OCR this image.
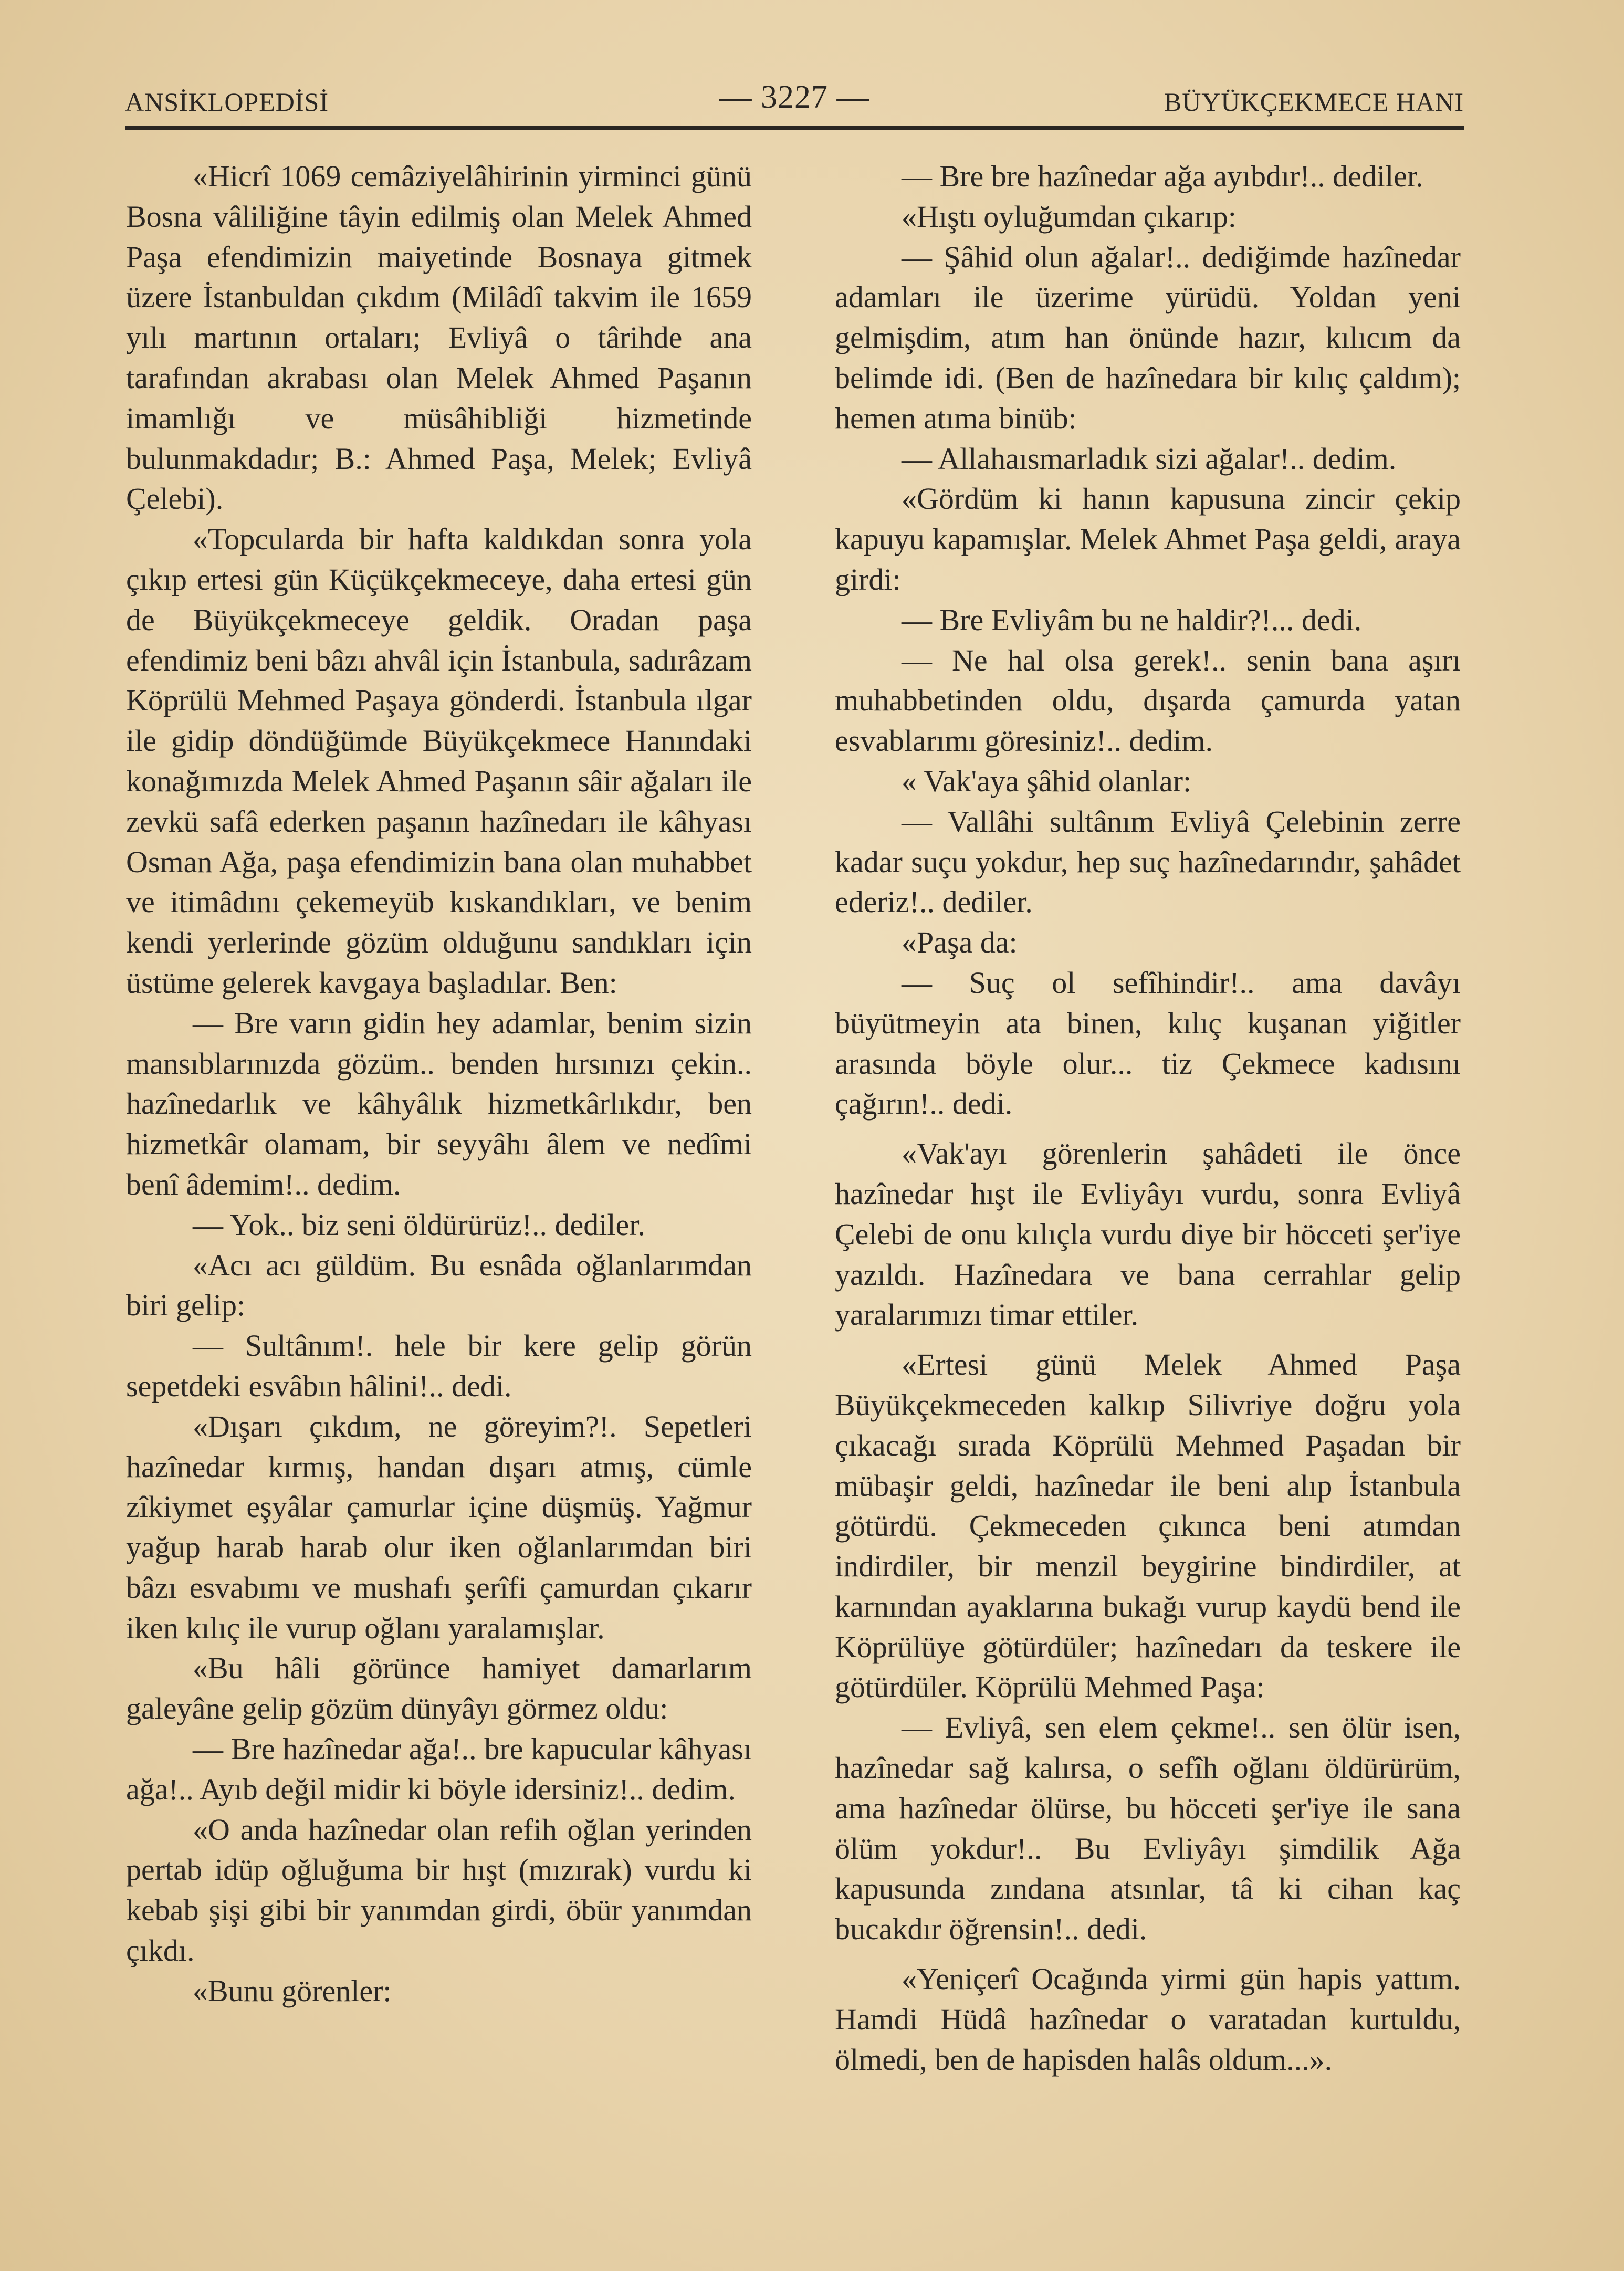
ANSİKLOPEDİSİ	— 3227 —	BÜYÜKÇEKMECE HANI

«Hicrî 1069 cemâziyelâhirinin yirminci günü Bosna vâliliğine tâyin edilmiş olan Melek Ahmed Paşa efendimizin maiyetinde Bosnaya gitmek üzere İstanbuldan çıkdım (Milâdî takvim ile 1659 yılı martının ortaları; Evliyâ o târihde ana tarafından akrabası olan Melek Ahmed Paşanın imamlığı ve müsâhibliği hizmetinde bulunmakdadır; B.: Ahmed Paşa, Melek; Evliyâ Çelebi).

«Topcularda bir hafta kaldıkdan sonra yola çıkıp ertesi gün Küçükçekmeceye, daha ertesi gün de Büyükçekmeceye geldik. Oradan paşa efendimiz beni bâzı ahvâl için İstanbula, sadırâzam Köprülü Mehmed Paşaya gönderdi. İstanbula ılgar ile gidip döndüğümde Büyükçekmece Hanındaki konağımızda Melek Ahmed Paşanın sâir ağaları ile zevkü safâ ederken paşanın hazînedarı ile kâhyası Osman Ağa, paşa efendimizin bana olan muhabbet ve itimâdını çekemeyüb kıskandıkları, ve benim kendi yerlerinde gözüm olduğunu sandıkları için üstüme gelerek kavgaya başladılar. Ben:

— Bre varın gidin hey adamlar, benim sizin mansıblarınızda gözüm.. benden hırsınızı çekin.. hazînedarlık ve kâhyâlık hizmetkârlıkdır, ben hizmetkâr olamam, bir seyyâhı âlem ve nedîmi benî âdemim!.. dedim.

— Yok.. biz seni öldürürüz!.. dediler.

«Acı acı güldüm. Bu esnâda oğlanlarımdan biri gelip:

— Sultânım!. hele bir kere gelip görün sepetdeki esvâbın hâlini!.. dedi.

«Dışarı çıkdım, ne göreyim?!. Sepetleri hazînedar kırmış, handan dışarı atmış, cümle zîkiymet eşyâlar çamurlar içine düşmüş. Yağmur yağup harab harab olur iken oğlanlarımdan biri bâzı esvabımı ve mushafı şerîfi çamurdan çıkarır iken kılıç ile vurup oğlanı yaralamışlar.

«Bu hâli görünce hamiyet damarlarım galeyâne gelip gözüm dünyâyı görmez oldu:

— Bre hazînedar ağa!.. bre kapucular kâhyası ağa!.. Ayıb değil midir ki böyle idersiniz!.. dedim.

«O anda hazînedar olan refih oğlan yerinden pertab idüp oğluğuma bir hışt (mızırak) vurdu ki kebab şişi gibi bir yanımdan girdi, öbür yanımdan çıkdı.

«Bunu görenler:

— Bre bre hazînedar ağa ayıbdır!.. dediler.

«Hıştı oyluğumdan çıkarıp:

— Şâhid olun ağalar!.. dediğimde hazînedar adamları ile üzerime yürüdü. Yoldan yeni gelmişdim, atım han önünde hazır, kılıcım da belimde idi. (Ben de hazînedara bir kılıç çaldım); hemen atıma binüb:

— Allahaısmarladık sizi ağalar!.. dedim.

«Gördüm ki hanın kapusuna zincir çekip kapuyu kapamışlar. Melek Ahmet Paşa geldi, araya girdi:

— Bre Evliyâm bu ne haldir?!... dedi.

— Ne hal olsa gerek!.. senin bana aşırı muhabbetinden oldu, dışarda çamurda yatan esvablarımı göresiniz!.. dedim.

« Vak'aya şâhid olanlar:

— Vallâhi sultânım Evliyâ Çelebinin zerre kadar suçu yokdur, hep suç hazînedarındır, şahâdet ederiz!.. dediler.

«Paşa da:

— Suç ol sefîhindir!.. ama davâyı büyütmeyin ata binen, kılıç kuşanan yiğitler arasında böyle olur... tiz Çekmece kadısını çağırın!.. dedi.

«Vak'ayı görenlerin şahâdeti ile önce hazînedar hışt ile Evliyâyı vurdu, sonra Evliyâ Çelebi de onu kılıçla vurdu diye bir höcceti şer'iye yazıldı. Hazînedara ve bana cerrahlar gelip yaralarımızı timar ettiler.

«Ertesi günü Melek Ahmed Paşa Büyükçekmeceden kalkıp Silivriye doğru yola çıkacağı sırada Köprülü Mehmed Paşadan bir mübaşir geldi, hazînedar ile beni alıp İstanbula götürdü. Çekmeceden çıkınca beni atımdan indirdiler, bir menzil beygirine bindirdiler, at karnından ayaklarına bukağı vurup kaydü bend ile Köprülüye götürdüler; hazînedarı da teskere ile götürdüler. Köprülü Mehmed Paşa:

— Evliyâ, sen elem çekme!.. sen ölür isen, hazînedar sağ kalırsa, o sefîh oğlanı öldürürüm, ama hazînedar ölürse, bu höcceti şer'iye ile sana ölüm yokdur!.. Bu Evliyâyı şimdilik Ağa kapusunda zındana atsınlar, tâ ki cihan kaç bucakdır öğrensin!.. dedi.

«Yeniçerî Ocağında yirmi gün hapis yattım. Hamdi Hüdâ hazînedar o varatadan kurtuldu, ölmedi, ben de hapisden halâs oldum...».
